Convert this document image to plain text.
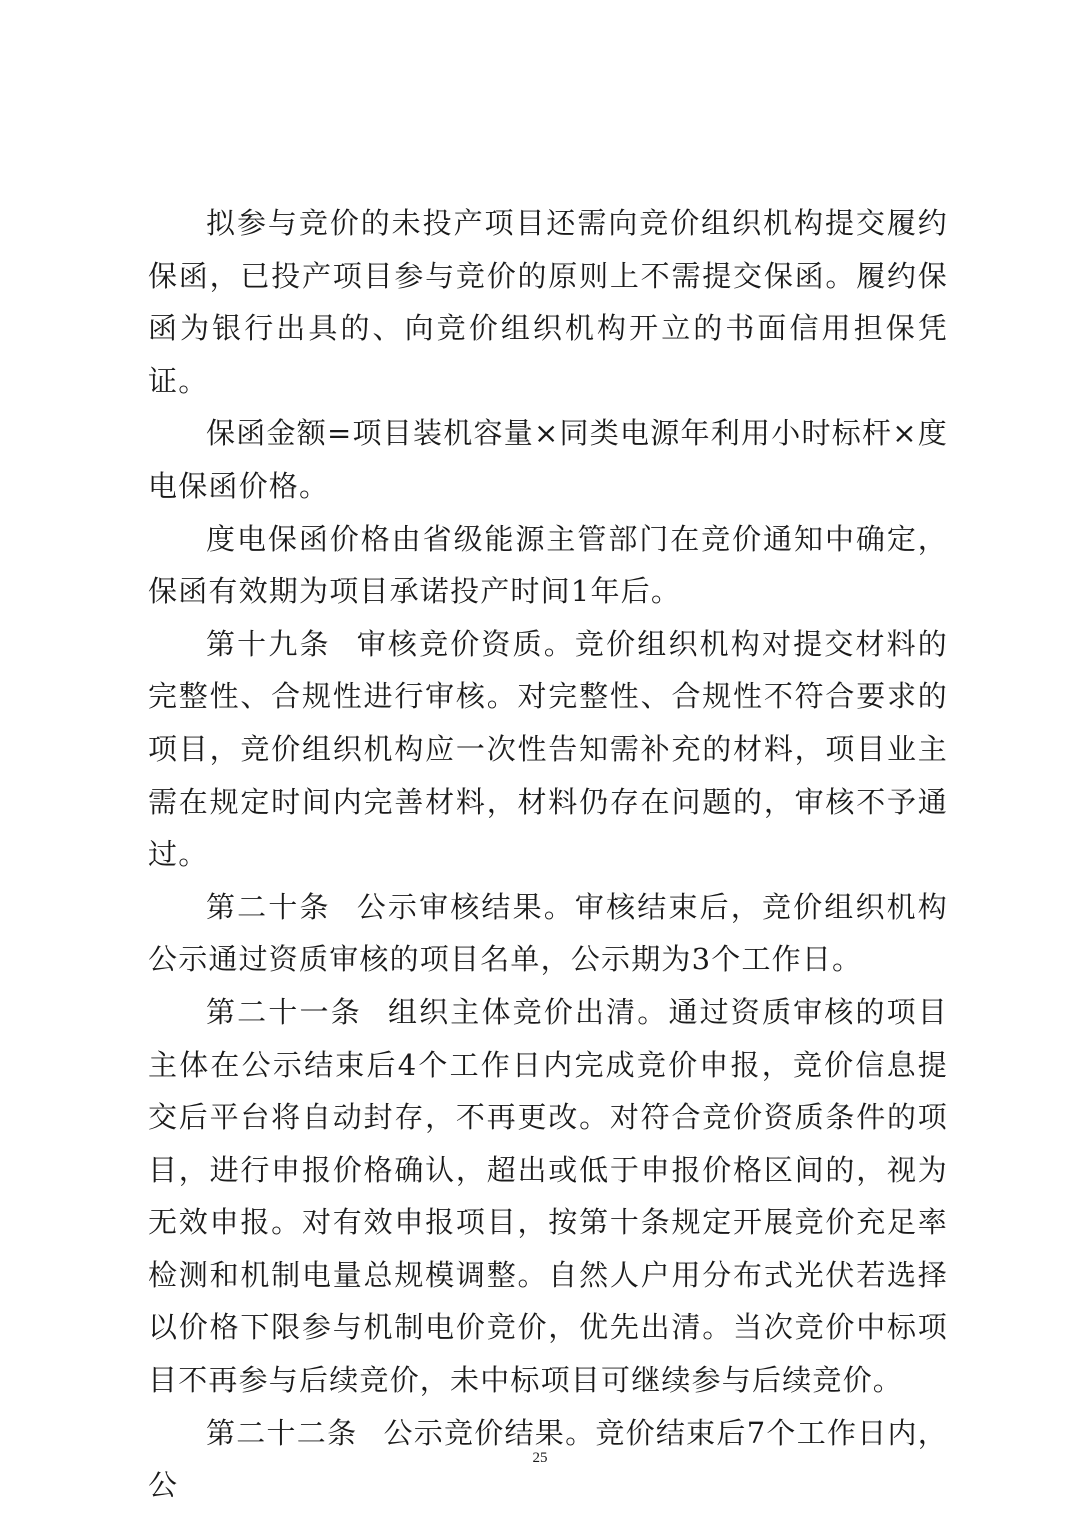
拟参与竞价的未投产项目还需向竞价组织机构提交履约保函，已投产项目参与竞价的原则上不需提交保函。履约保函为银行出具的、向竞价组织机构开立的书面信用担保凭证。

保函金额=项目装机容量×同类电源年利用小时标杆×度电保函价格。

度电保函价格由省级能源主管部门在竞价通知中确定，保函有效期为项目承诺投产时间1年后。

第十九条 审核竞价资质。竞价组织机构对提交材料的完整性、合规性进行审核。对完整性、合规性不符合要求的项目，竞价组织机构应一次性告知需补充的材料，项目业主需在规定时间内完善材料，材料仍存在问题的，审核不予通过。

第二十条 公示审核结果。审核结束后，竞价组织机构公示通过资质审核的项目名单，公示期为3个工作日。

第二十一条 组织主体竞价出清。通过资质审核的项目主体在公示结束后4个工作日内完成竞价申报，竞价信息提交后平台将自动封存，不再更改。对符合竞价资质条件的项目，进行申报价格确认，超出或低于申报价格区间的，视为无效申报。对有效申报项目，按第十条规定开展竞价充足率检测和机制电量总规模调整。自然人户用分布式光伏若选择以价格下限参与机制电价竞价，优先出清。当次竞价中标项目不再参与后续竞价，未中标项目可继续参与后续竞价。

第二十二条 公示竞价结果。竞价结束后7个工作日内，公

25
